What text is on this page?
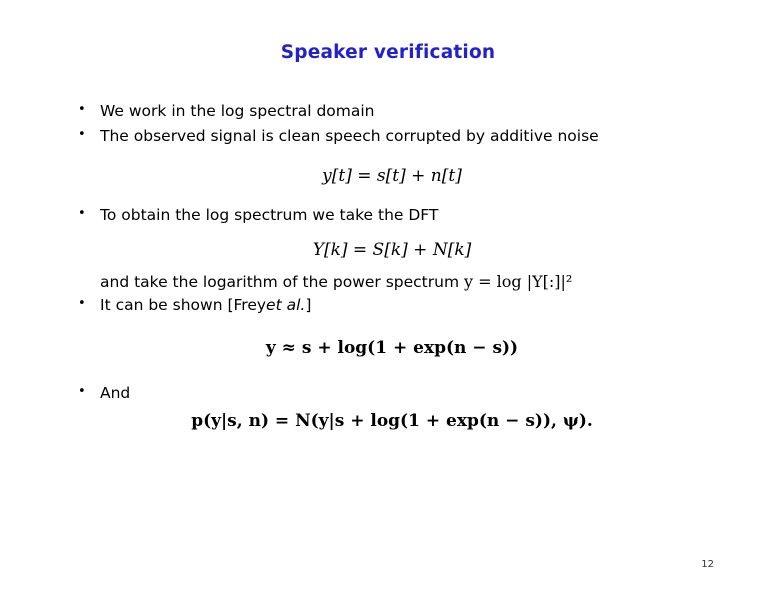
Speaker verification
• We work in the log spectral domain
• The observed signal is clean speech corrupted by additive noise
y[t] = s[t] + n[t]
• To obtain the log spectrum we take the DFT
Y[k] = S[k] + N[k]
and take the logarithm of the power spectrum y = log |Y[:]|²
• It can be shown [Freyet al.]
y ≈ s + log(1 + exp(n − s))
• And
p(y|s, n) = N(y|s + log(1 + exp(n − s)), ψ).
12
